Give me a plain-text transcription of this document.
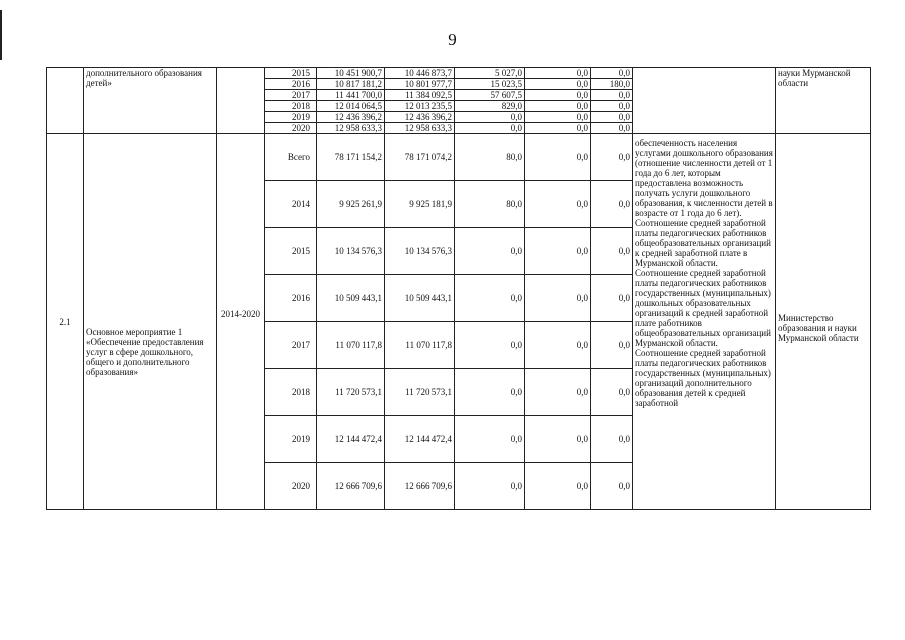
9
	дополнительного образования детей»		2015	10 451 900,7	10 446 873,7	5 027,0	0,0	0,0		науки Мурманской области
			2016	10 817 181,2	10 801 977,7	15 023,5	0,0	180,0		
			2017	11 441 700,0	11 384 092,5	57 607,5	0,0	0,0		
			2018	12 014 064,5	12 013 235,5	829,0	0,0	0,0		
			2019	12 436 396,2	12 436 396,2	0,0	0,0	0,0		
			2020	12 958 633,3	12 958 633,3	0,0	0,0	0,0		
2.1	Основное мероприятие 1 «Обеспечение предоставления услуг в сфере дошкольного, общего и дополнительного образования»	2014-2020	Всего	78 171 154,2	78 171 074,2	80,0	0,0	0,0	обеспеченность населения услугами дошкольного образования (отношение численности детей от 1 года до 6 лет, которым предоставлена возможность получать услуги дошкольного образования, к численности детей в возрасте от 1 года до 6 лет).
Соотношение средней заработной платы педагогических работников общеобразовательных организаций к средней заработной плате в Мурманской области.
Соотношение средней заработной платы педагогических работников государственных (муниципальных) дошкольных образовательных организаций к средней заработной плате работников общеобразовательных организаций Мурманской области.
Соотношение средней заработной платы педагогических работников государственных (муниципальных) организаций дополнительного образования детей к средней заработной	Министерство образования и науки Мурманской области
			2014	9 925 261,9	9 925 181,9	80,0	0,0	0,0		
			2015	10 134 576,3	10 134 576,3	0,0	0,0	0,0		
			2016	10 509 443,1	10 509 443,1	0,0	0,0	0,0		
			2017	11 070 117,8	11 070 117,8	0,0	0,0	0,0		
			2018	11 720 573,1	11 720 573,1	0,0	0,0	0,0		
			2019	12 144 472,4	12 144 472,4	0,0	0,0	0,0		
			2020	12 666 709,6	12 666 709,6	0,0	0,0	0,0		
